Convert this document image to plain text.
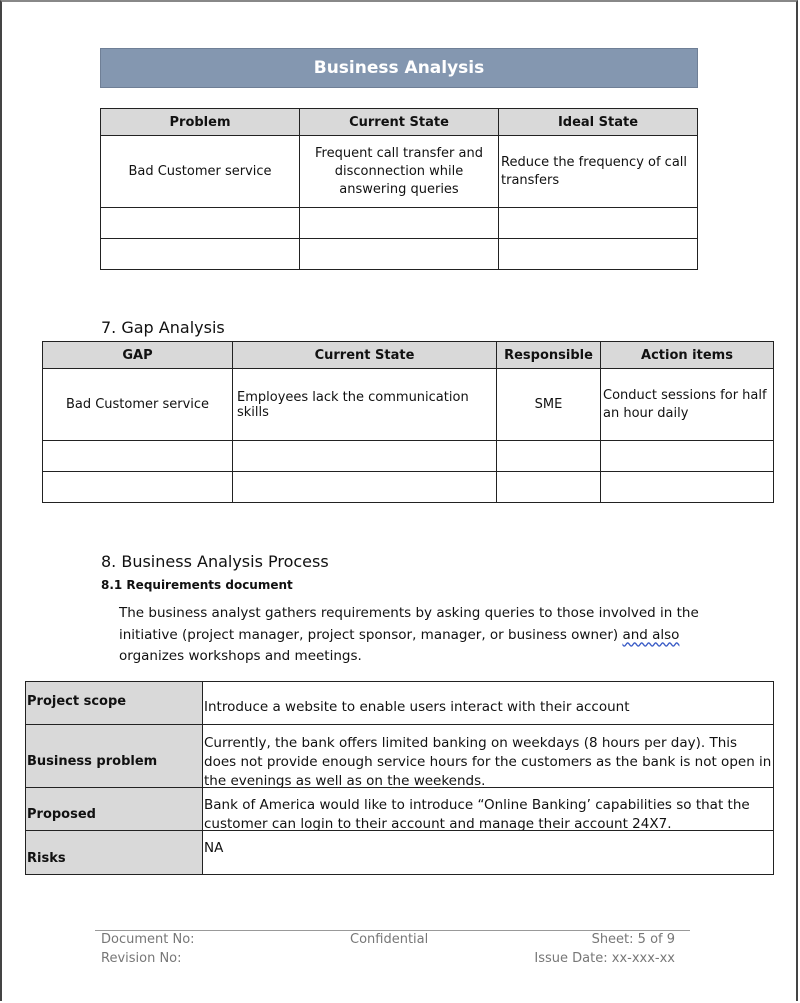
Business Analysis
Problem	Current State	Ideal State
Bad Customer service	Frequent call transfer and disconnection while answering queries	Reduce the frequency of call transfers

7. Gap Analysis
GAP	Current State	Responsible	Action items
Bad Customer service	Employees lack the communication skills	SME	Conduct sessions for half an hour daily

8. Business Analysis Process
8.1 Requirements document
The business analyst gathers requirements by asking queries to those involved in the initiative (project manager, project sponsor, manager, or business owner) and also organizes workshops and meetings.
Project scope	Introduce a website to enable users interact with their account

Business problem	Currently, the bank offers limited banking on weekdays (8 hours per day). This does not provide enough service hours for the customers as the bank is not open in the evenings as well as on the weekends.

Proposed	Bank of America would like to introduce “Online Banking’ capabilities so that the customer can login to their account and manage their account 24X7.

Risks	NA
Document No:
Revision No:
Confidential	Sheet: 5 of 9
Issue Date: xx-xxx-xx
